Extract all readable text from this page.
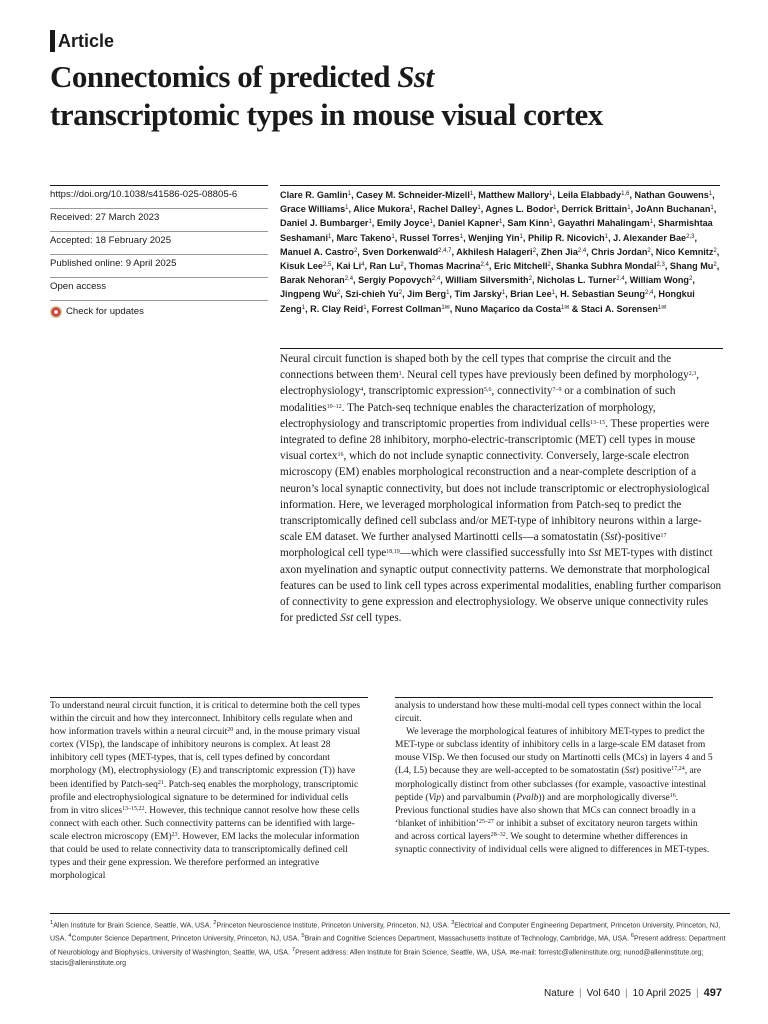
Article
Connectomics of predicted Sst
transcriptomic types in mouse visual cortex
https://doi.org/10.1038/s41586-025-08805-6
Received: 27 March 2023
Accepted: 18 February 2025
Published online: 9 April 2025
Open access
Check for updates
Clare R. Gamlin$^1$, Casey M. Schneider-Mizell$^1$, Matthew Mallory$^1$, Leila Elabbady$^{1,6}$, Nathan Gouwens$^1$, Grace Williams$^1$, Alice Mukora$^1$, Rachel Dalley$^1$, Agnes L. Bodor$^1$, Derrick Brittain$^1$, JoAnn Buchanan$^1$, Daniel J. Bumbarger$^1$, Emily Joyce$^1$, Daniel Kapner$^1$, Sam Kinn$^1$, Gayathri Mahalingam$^1$, Sharmishtaa Seshamani$^1$, Marc Takeno$^1$, Russel Torres$^1$, Wenjing Yin$^1$, Philip R. Nicovich$^1$, J. Alexander Bae$^{2,3}$, Manuel A. Castro$^2$, Sven Dorkenwald$^{2,4,7}$, Akhilesh Halageri$^2$, Zhen Jia$^{2,4}$, Chris Jordan$^2$, Nico Kemnitz$^2$, Kisuk Lee$^{2,5}$, Kai Li$^4$, Ran Lu$^2$, Thomas Macrina$^{2,4}$, Eric Mitchell$^2$, Shanka Subhra Mondal$^{2,3}$, Shang Mu$^2$, Barak Nehoran$^{2,4}$, Sergiy Popovych$^{2,4}$, William Silversmith$^2$, Nicholas L. Turner$^{2,4}$, William Wong$^2$, Jingpeng Wu$^2$, Szi-chieh Yu$^2$, Jim Berg$^1$, Tim Jarsky$^1$, Brian Lee$^1$, H. Sebastian Seung$^{2,4}$, Hongkui Zeng$^1$, R. Clay Reid$^1$, Forrest Collman$^{1✉}$, Nuno Maçarico da Costa$^{1✉}$ & Staci A. Sorensen$^{1✉}$
Neural circuit function is shaped both by the cell types that comprise the circuit and the connections between them$^1$. Neural cell types have previously been defined by morphology$^{2,3}$, electrophysiology$^4$, transcriptomic expression$^{5,6}$, connectivity$^{7-9}$ or a combination of such modalities$^{10-12}$. The Patch-seq technique enables the characterization of morphology, electrophysiology and transcriptomic properties from individual cells$^{13-15}$. These properties were integrated to define 28 inhibitory, morpho-electric-transcriptomic (MET) cell types in mouse visual cortex$^{16}$, which do not include synaptic connectivity. Conversely, large-scale electron microscopy (EM) enables morphological reconstruction and a near-complete description of a neuron’s local synaptic connectivity, but does not include transcriptomic or electrophysiological information. Here, we leveraged morphological information from Patch-seq to predict the transcriptomically defined cell subclass and/or MET-type of inhibitory neurons within a large-scale EM dataset. We further analysed Martinotti cells—a somatostatin (Sst)-positive$^{17}$ morphological cell type$^{18,19}$—which were classified successfully into Sst MET-types with distinct axon myelination and synaptic output connectivity patterns. We demonstrate that morphological features can be used to link cell types across experimental modalities, enabling further comparison of connectivity to gene expression and electrophysiology. We observe unique connectivity rules for predicted Sst cell types.

To understand neural circuit function, it is critical to determine both the cell types within the circuit and how they interconnect. Inhibitory cells regulate when and how information travels within a neural circuit$^{20}$ and, in the mouse primary visual cortex (VISp), the landscape of inhibitory neurons is complex. At least 28 inhibitory cell types (MET-types, that is, cell types defined by concordant morphology (M), electrophysiology (E) and transcriptomic expression (T)) have been identified by Patch-seq$^{21}$. Patch-seq enables the morphology, transcriptomic profile and electrophysiological signature to be determined for individual cells from in vitro slices$^{13-15,22}$. However, this technique cannot resolve how these cells connect with each other. Such connectivity patterns can be identified with large-scale electron microscopy (EM)$^{23}$. However, EM lacks the molecular information that could be used to relate connectivity data to transcriptomically defined cell types and their gene expression. We therefore performed an integrative morphological

analysis to understand how these multi-modal cell types connect within the local circuit.

We leverage the morphological features of inhibitory MET-types to predict the MET-type or subclass identity of inhibitory cells in a large-scale EM dataset from mouse VISp. We then focused our study on Martinotti cells (MCs) in layers 4 and 5 (L4, L5) because they are well-accepted to be somatostatin (Sst) positive$^{17,24}$, are morphologically distinct from other subclasses (for example, vasoactive intestinal peptide (Vip) and parvalbumin (Pvalb)) and are morphologically diverse$^{16}$. Previous functional studies have also shown that MCs can connect broadly in a ‘blanket of inhibition’$^{25-27}$ or inhibit a subset of excitatory neuron targets within and across cortical layers$^{28-32}$. We sought to determine whether differences in synaptic connectivity of individual cells were aligned to differences in MET-types.

$^1$Allen Institute for Brain Science, Seattle, WA, USA. $^2$Princeton Neuroscience Institute, Princeton University, Princeton, NJ, USA. $^3$Electrical and Computer Engineering Department, Princeton University, Princeton, NJ, USA. $^4$Computer Science Department, Princeton University, Princeton, NJ, USA. $^5$Brain and Cognitive Sciences Department, Massachusetts Institute of Technology, Cambridge, MA, USA. $^6$Present address: Department of Neurobiology and Biophysics, University of Washington, Seattle, WA, USA. $^7$Present address: Allen Institute for Brain Science, Seattle, WA, USA. ✉e-mail: forrestc@alleninstitute.org; nunod@alleninstitute.org; stacis@alleninstitute.org
Nature | Vol 640 | 10 April 2025 | 497
